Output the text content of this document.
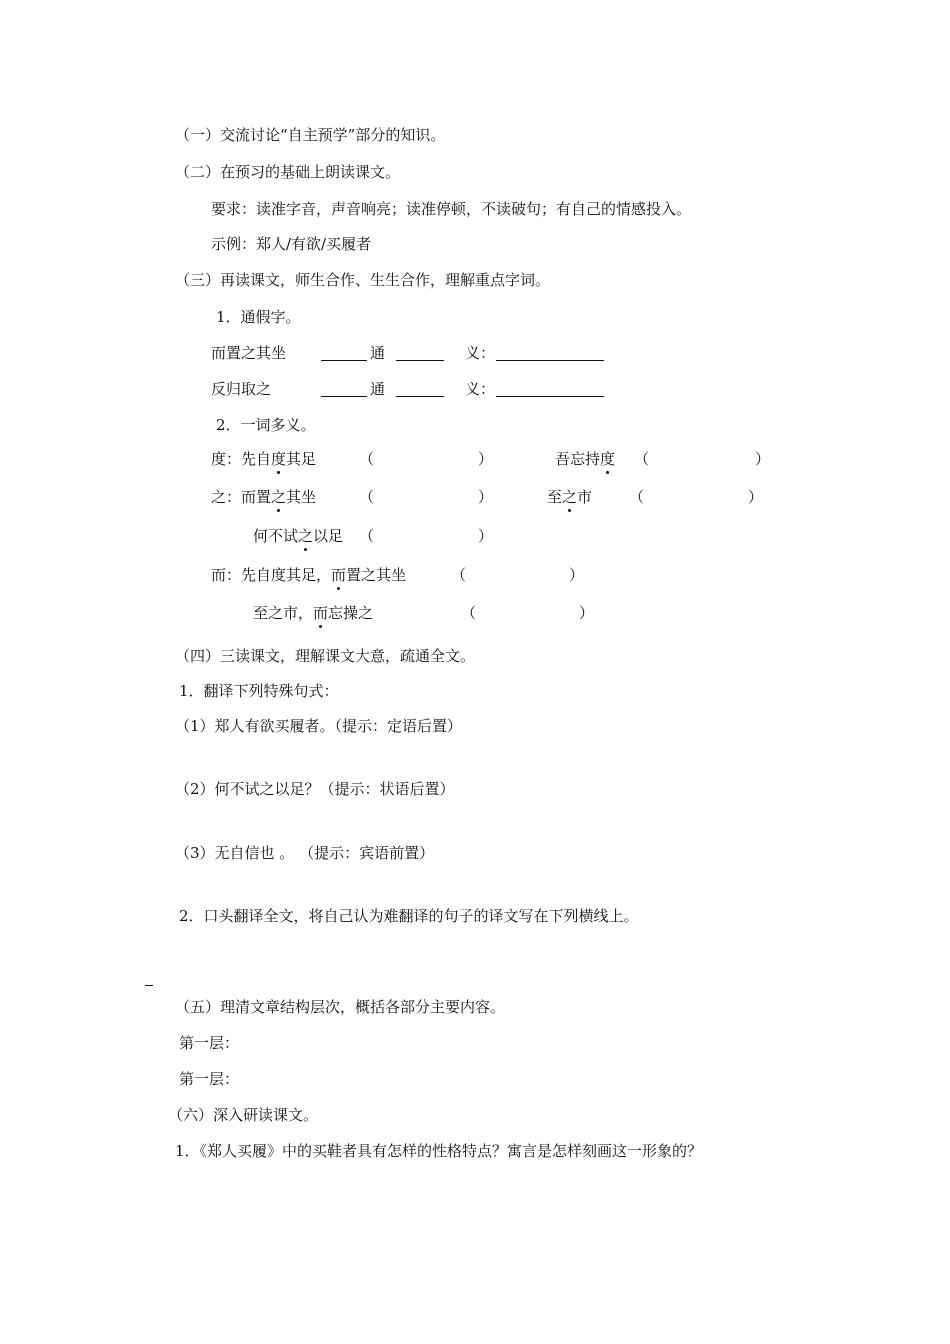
（一）交流讨论“自主预学”部分的知识。
（二）在预习的基础上朗读课文。
要求：读准字音，声音响亮；读准停顿，不读破句；有自己的情感投入。
示例：郑人/有欲/买履者
（三）再读课文，师生合作、生生合作，理解重点字词。
1．通假字。
而置之其坐	通	义：
反归取之	通	义：
2．一词多义。
度：先自度其足	（	）	吾忘持度 （	）
之：而置之其坐	（	）	至之市 （	）
何不试之以足 （	）
而：先自度其足，而置之其坐	（	）
至之市，而忘操之	（	）
（四）三读课文，理解课文大意，疏通全文。
1．翻译下列特殊句式：
（1）郑人有欲买履者。（提示：定语后置）
（2）何不试之以足？（提示：状语后置）
（3）无自信也 。 （提示：宾语前置）
2．口头翻译全文，将自己认为难翻译的句子的译文写在下列横线上。
（五）理清文章结构层次，概括各部分主要内容。
第一层：
第一层：
（六）深入研读课文。
1．《郑人买履》中的买鞋者具有怎样的性格特点？寓言是怎样刻画这一形象的？
